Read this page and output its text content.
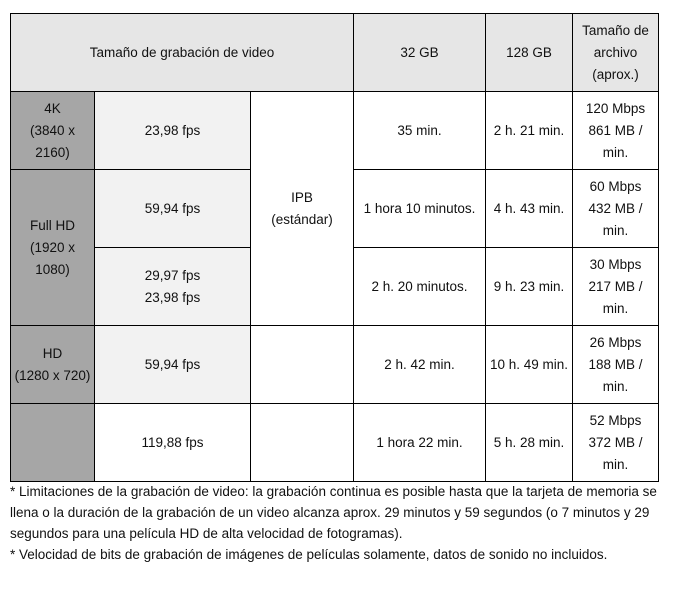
Tamaño de grabación de video			32 GB	128 GB	Tamaño de
archivo
(aprox.)

4K
(3840 x
2160)	23,98 fps	IPB
(estándar)	35 min.	2 h. 21 min.	120 Mbps
861 MB /
min.

Full HD
(1920 x
1080)	59,94 fps		1 hora 10 minutos.	4 h. 43 min.	60 Mbps
432 MB /
min.

	29,97 fps
23,98 fps		2 h. 20 minutos.	9 h. 23 min.	30 Mbps
217 MB /
min.

HD
(1280 x 720)	59,94 fps		2 h. 42 min.	10 h. 49 min.	26 Mbps
188 MB /
min.

	119,88 fps		1 hora 22 min.	5 h. 28 min.	52 Mbps
372 MB /
min.

* Limitaciones de la grabación de video: la grabación continua es posible hasta que la tarjeta de memoria se llena o la duración de la grabación de un video alcanza aprox. 29 minutos y 59 segundos (o 7 minutos y 29 segundos para una película HD de alta velocidad de fotogramas).

* Velocidad de bits de grabación de imágenes de películas solamente, datos de sonido no incluidos.
